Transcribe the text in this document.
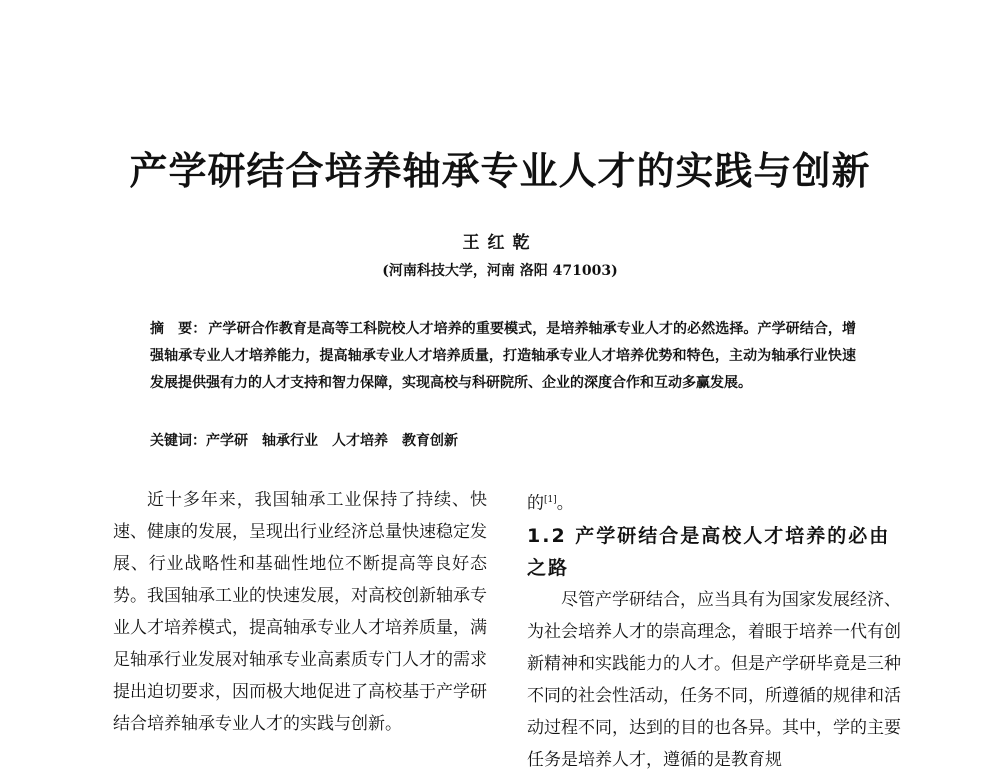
产学研结合培养轴承专业人才的实践与创新
王红乾
(河南科技大学，河南 洛阳 471003)
摘　要： 产学研合作教育是高等工科院校人才培养的重要模式，是培养轴承专业人才的必然选择。产学研结合，增强轴承专业人才培养能力，提高轴承专业人才培养质量，打造轴承专业人才培养优势和特色，主动为轴承行业快速发展提供强有力的人才支持和智力保障，实现高校与科研院所、企业的深度合作和互动多赢发展。
关键词：产学研 轴承行业 人才培养 教育创新

近十多年来，我国轴承工业保持了持续、快速、健康的发展，呈现出行业经济总量快速稳定发展、行业战略性和基础性地位不断提高等良好态势。我国轴承工业的快速发展，对高校创新轴承专业人才培养模式，提高轴承专业人才培养质量，满足轴承行业发展对轴承专业高素质专门人才的需求提出迫切要求，因而极大地促进了高校基于产学研结合培养轴承专业人才的实践与创新。

的[1]。

1.2 产学研结合是高校人才培养的必由之路

尽管产学研结合，应当具有为国家发展经济、为社会培养人才的崇高理念，着眼于培养一代有创新精神和实践能力的人才。但是产学研毕竟是三种不同的社会性活动，任务不同，所遵循的规律和活动过程不同，达到的目的也各异。其中，学的主要任务是培养人才，遵循的是教育规
